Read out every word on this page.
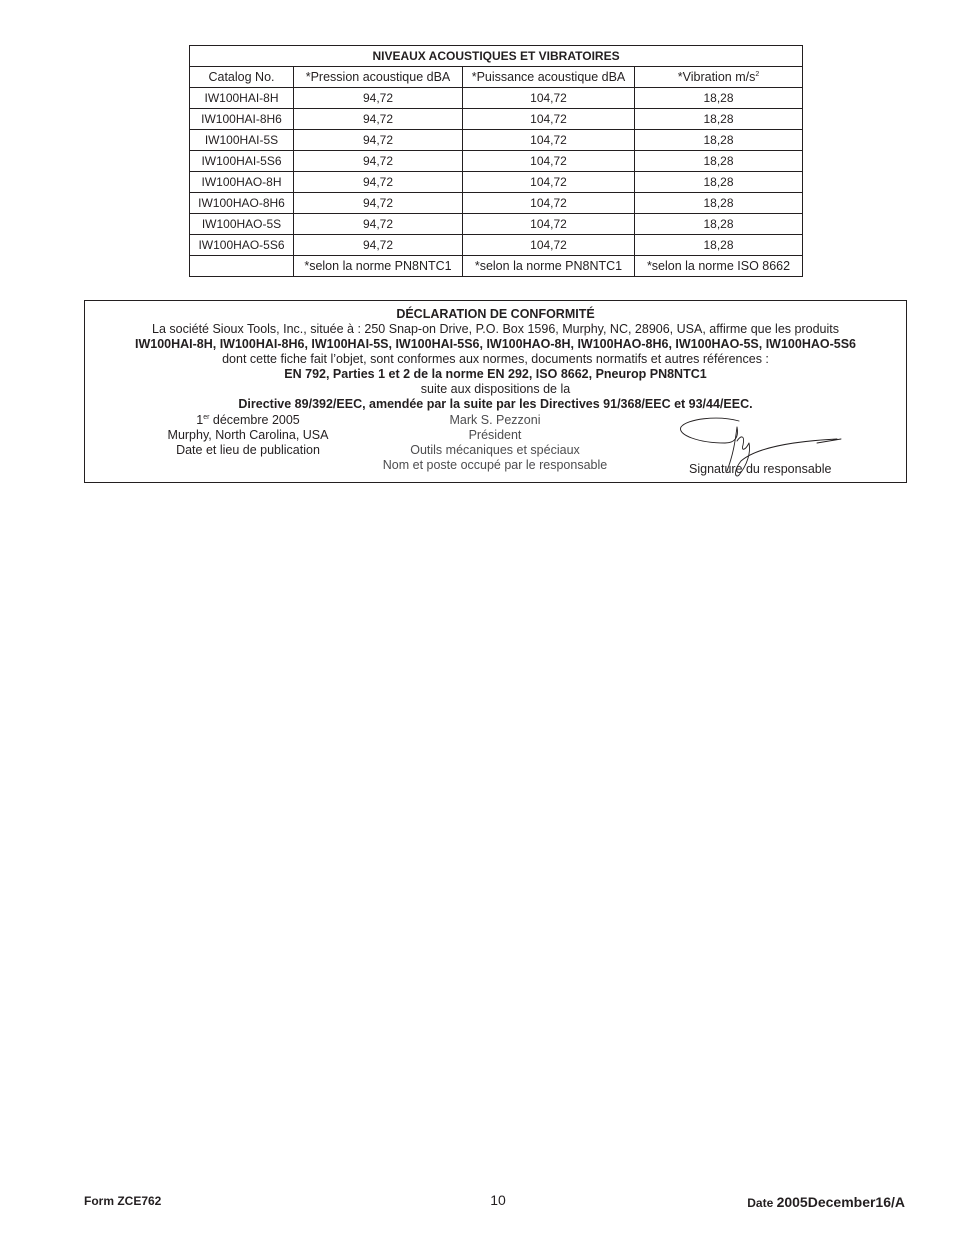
NIVEAUX ACOUSTIQUES ET VIBRATOIRES			
Catalog No.	*Pression acoustique dBA	*Puissance acoustique dBA	*Vibration $m/s^2$
IW100HAI-8H	94,72	104,72	18,28
IW100HAI-8H6	94,72	104,72	18,28
IW100HAI-5S	94,72	104,72	18,28
IW100HAI-5S6	94,72	104,72	18,28
IW100HAO-8H	94,72	104,72	18,28
IW100HAO-8H6	94,72	104,72	18,28
IW100HAO-5S	94,72	104,72	18,28
IW100HAO-5S6	94,72	104,72	18,28
	*selon la norme PN8NTC1	*selon la norme PN8NTC1	*selon la norme ISO 8662
DÉCLARATION DE CONFORMITÉ
La société Sioux Tools, Inc., située à : 250 Snap-on Drive, P.O. Box 1596, Murphy, NC, 28906, USA, affirme que les produits
IW100HAI-8H, IW100HAI-8H6, IW100HAI-5S, IW100HAI-5S6, IW100HAO-8H, IW100HAO-8H6, IW100HAO-5S, IW100HAO-5S6
dont cette fiche fait l’objet, sont conformes aux normes, documents normatifs et autres références :
EN 792, Parties 1 et 2 de la norme EN 292, ISO 8662, Pneurop PN8NTC1
suite aux dispositions de la
Directive 89/392/EEC, amendée par la suite par les Directives 91/368/EEC et 93/44/EEC.
1er décembre 2005
Murphy, North Carolina, USA
Date et lieu de publication
Mark S. Pezzoni
Président
Outils mécaniques et spéciaux
Nom et poste occupé par le responsable	Signature du responsable
Form ZCE762	10	Date 2005December16/A
